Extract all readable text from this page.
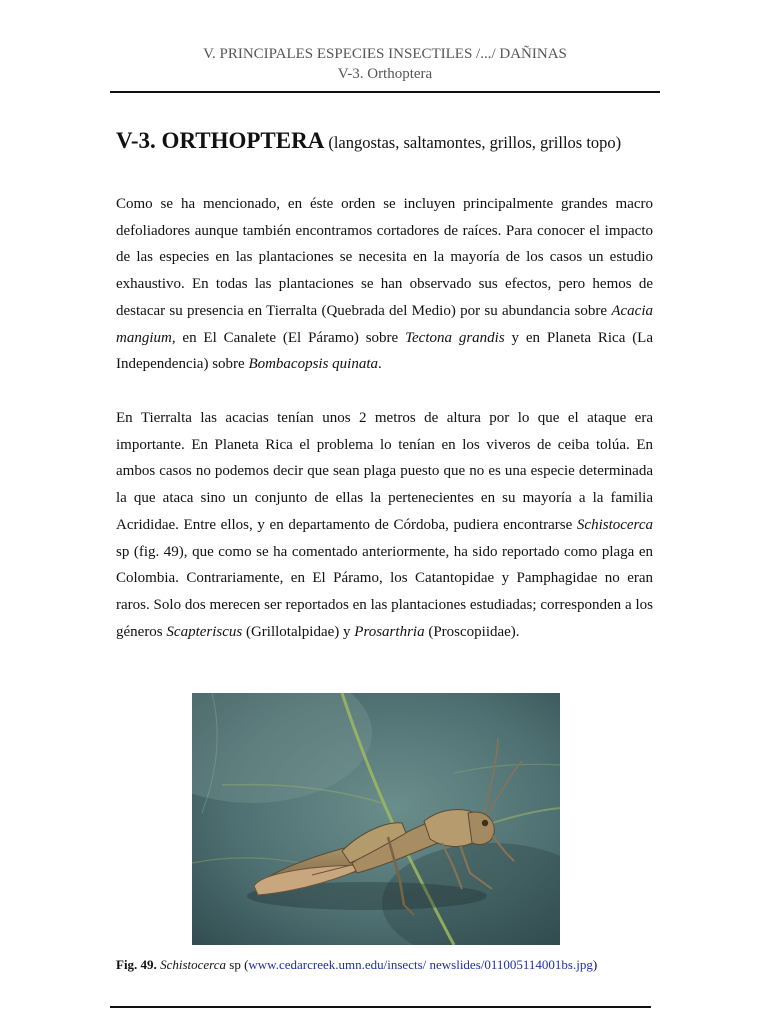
V. PRINCIPALES ESPECIES INSECTILES /.../ DAÑINAS
V-3. Orthoptera
V-3. ORTHOPTERA (langostas, saltamontes, grillos, grillos topo)
Como se ha mencionado, en éste orden se incluyen principalmente grandes macro defoliadores aunque también encontramos cortadores de raíces. Para conocer el impacto de las especies en las plantaciones se necesita en la mayoría de los casos un estudio exhaustivo. En todas las plantaciones se han observado sus efectos, pero hemos de destacar su presencia en Tierralta (Quebrada del Medio) por su abundancia sobre Acacia mangium, en El Canalete (El Páramo) sobre Tectona grandis y en Planeta Rica (La Independencia) sobre Bombacopsis quinata.
En Tierralta las acacias tenían unos 2 metros de altura por lo que el ataque era importante. En Planeta Rica el problema lo tenían en los viveros de ceiba tolúa. En ambos casos no podemos decir que sean plaga puesto que no es una especie determinada la que ataca sino un conjunto de ellas la pertenecientes en su mayoría a la familia Acrididae. Entre ellos, y en departamento de Córdoba, pudiera encontrarse Schistocerca sp (fig. 49), que como se ha comentado anteriormente, ha sido reportado como plaga en Colombia. Contrariamente, en El Páramo, los Catantopidae y Pamphagidae no eran raros. Solo dos merecen ser reportados en las plantaciones estudiadas; corresponden a los géneros Scapteriscus (Grillotalpidae) y Prosarthria (Proscopiidae).
Fig. 49. Schistocerca sp (www.cedarcreek.umn.edu/insects/ newslides/011005114001bs.jpg)
